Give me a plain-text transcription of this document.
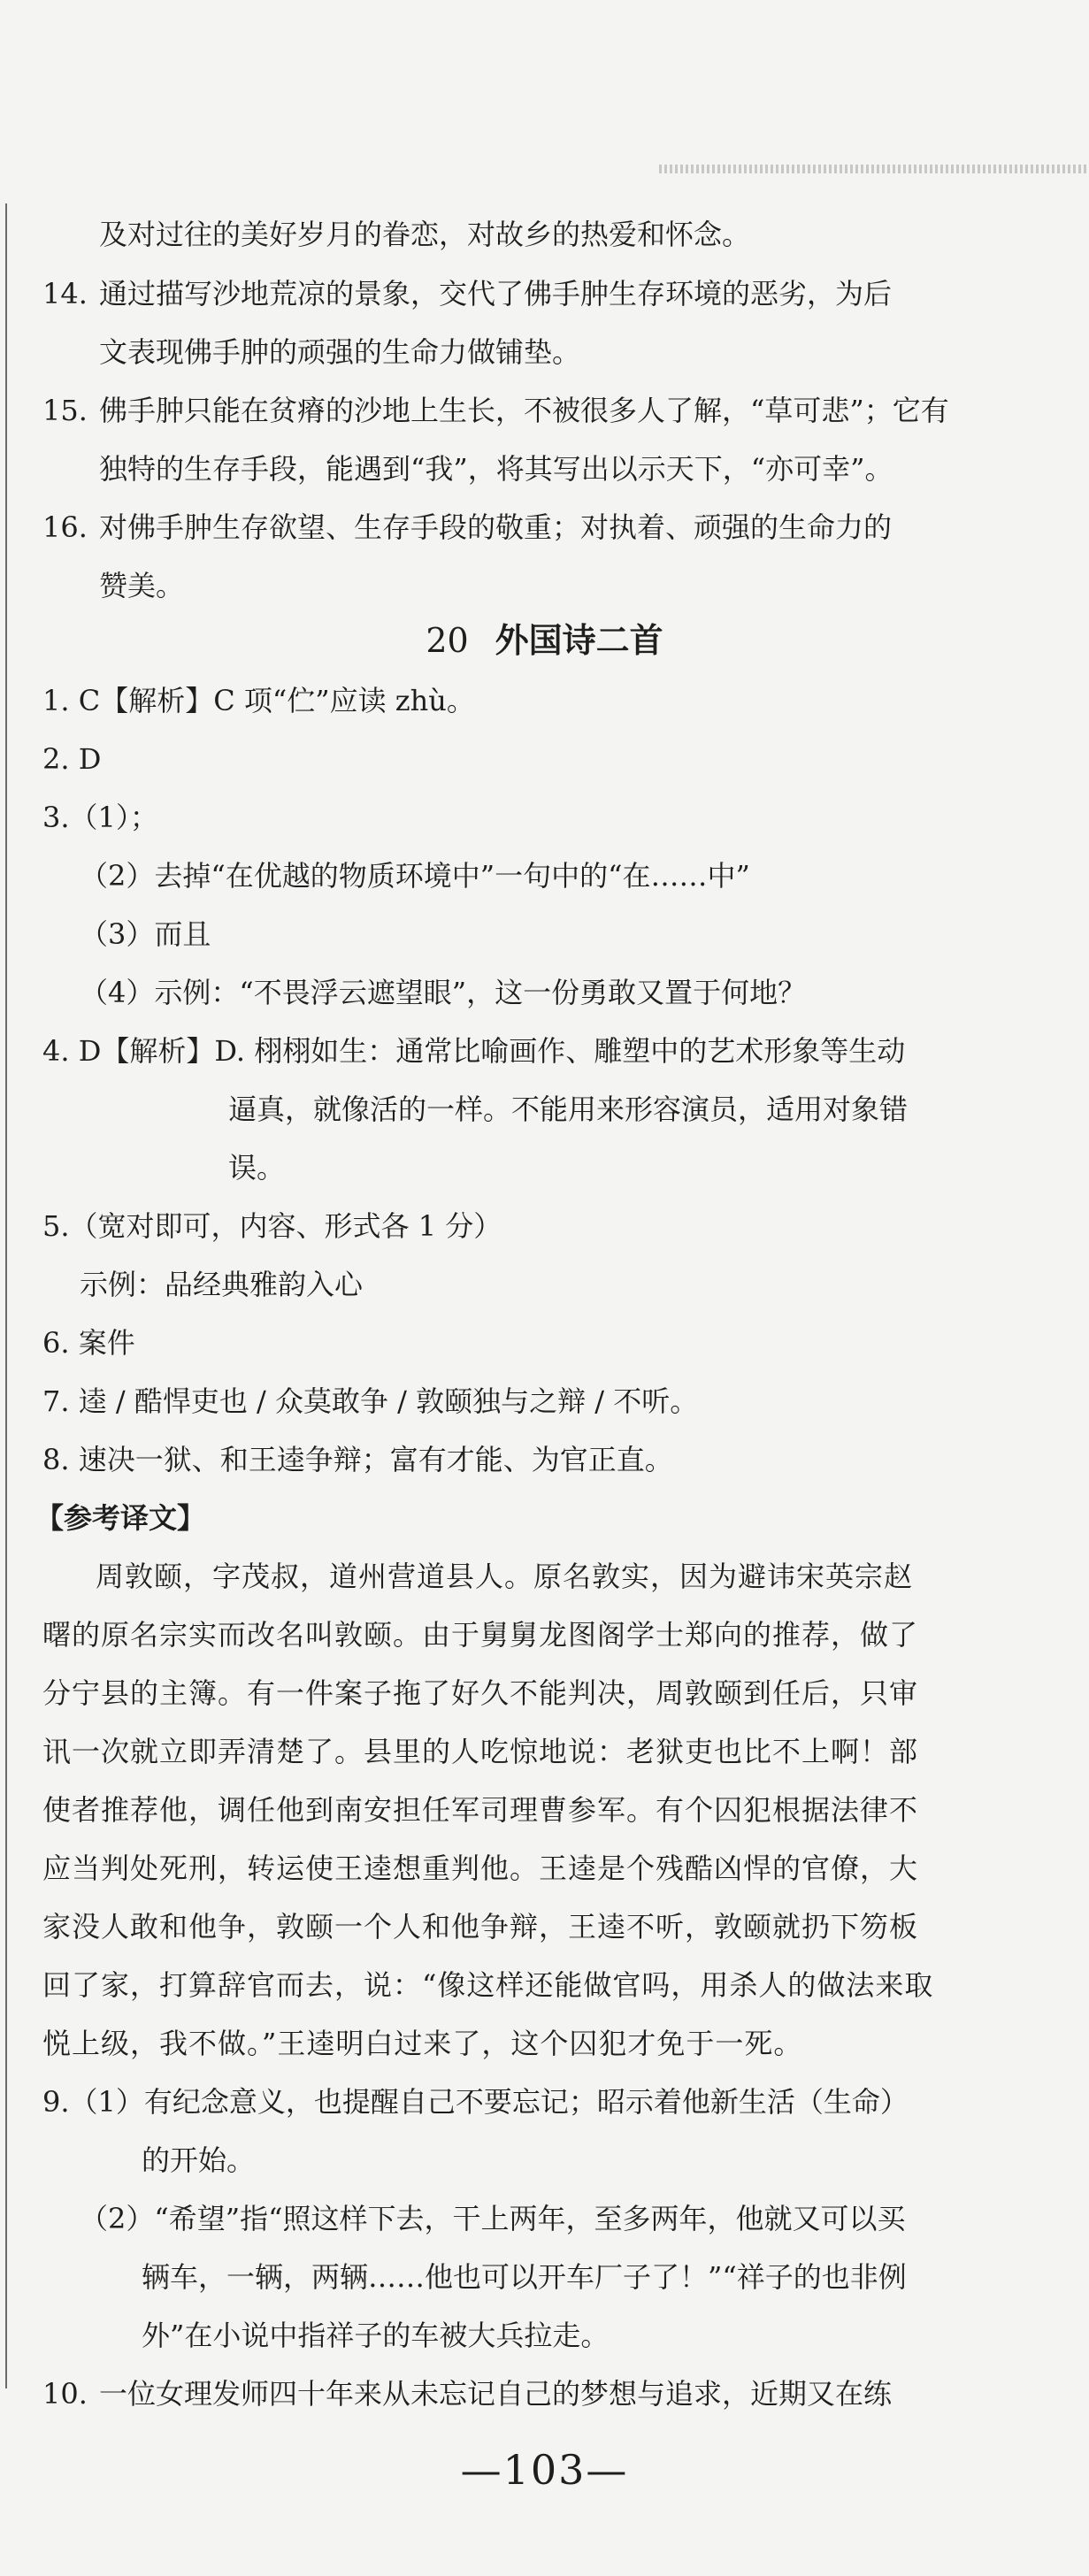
及对过往的美好岁月的眷恋，对故乡的热爱和怀念。
14. 通过描写沙地荒凉的景象，交代了佛手肿生存环境的恶劣，为后
文表现佛手肿的顽强的生命力做铺垫。
15. 佛手肿只能在贫瘠的沙地上生长，不被很多人了解，“草可悲”；它有
独特的生存手段，能遇到“我”，将其写出以示天下，“亦可幸”。
16. 对佛手肿生存欲望、生存手段的敬重；对执着、顽强的生命力的
赞美。
20 外国诗二首
1. C【解析】C 项“伫”应读 zhù。
2. D
3.（1）；
（2）去掉“在优越的物质环境中”一句中的“在……中”
（3）而且
（4）示例：“不畏浮云遮望眼”，这一份勇敢又置于何地？
4. D【解析】D. 栩栩如生：通常比喻画作、雕塑中的艺术形象等生动
逼真，就像活的一样。不能用来形容演员，适用对象错
误。
5.（宽对即可，内容、形式各 1 分）
示例：品经典雅韵入心
6. 案件
7. 逵 / 酷悍吏也 / 众莫敢争 / 敦颐独与之辩 / 不听。
8. 速决一狱、和王逵争辩；富有才能、为官正直。
【参考译文】
周敦颐，字茂叔，道州营道县人。原名敦实，因为避讳宋英宗赵
曙的原名宗实而改名叫敦颐。由于舅舅龙图阁学士郑向的推荐，做了
分宁县的主簿。有一件案子拖了好久不能判决，周敦颐到任后，只审
讯一次就立即弄清楚了。县里的人吃惊地说：老狱吏也比不上啊！部
使者推荐他，调任他到南安担任军司理曹参军。有个囚犯根据法律不
应当判处死刑，转运使王逵想重判他。王逵是个残酷凶悍的官僚，大
家没人敢和他争，敦颐一个人和他争辩，王逵不听，敦颐就扔下笏板
回了家，打算辞官而去，说：“像这样还能做官吗，用杀人的做法来取
悦上级，我不做。”王逵明白过来了，这个囚犯才免于一死。
9.（1）有纪念意义，也提醒自己不要忘记；昭示着他新生活（生命）
的开始。
（2）“希望”指“照这样下去，干上两年，至多两年，他就又可以买
辆车，一辆，两辆……他也可以开车厂子了！”“祥子的也非例
外”在小说中指祥子的车被大兵拉走。
10. 一位女理发师四十年来从未忘记自己的梦想与追求，近期又在练
—103—
